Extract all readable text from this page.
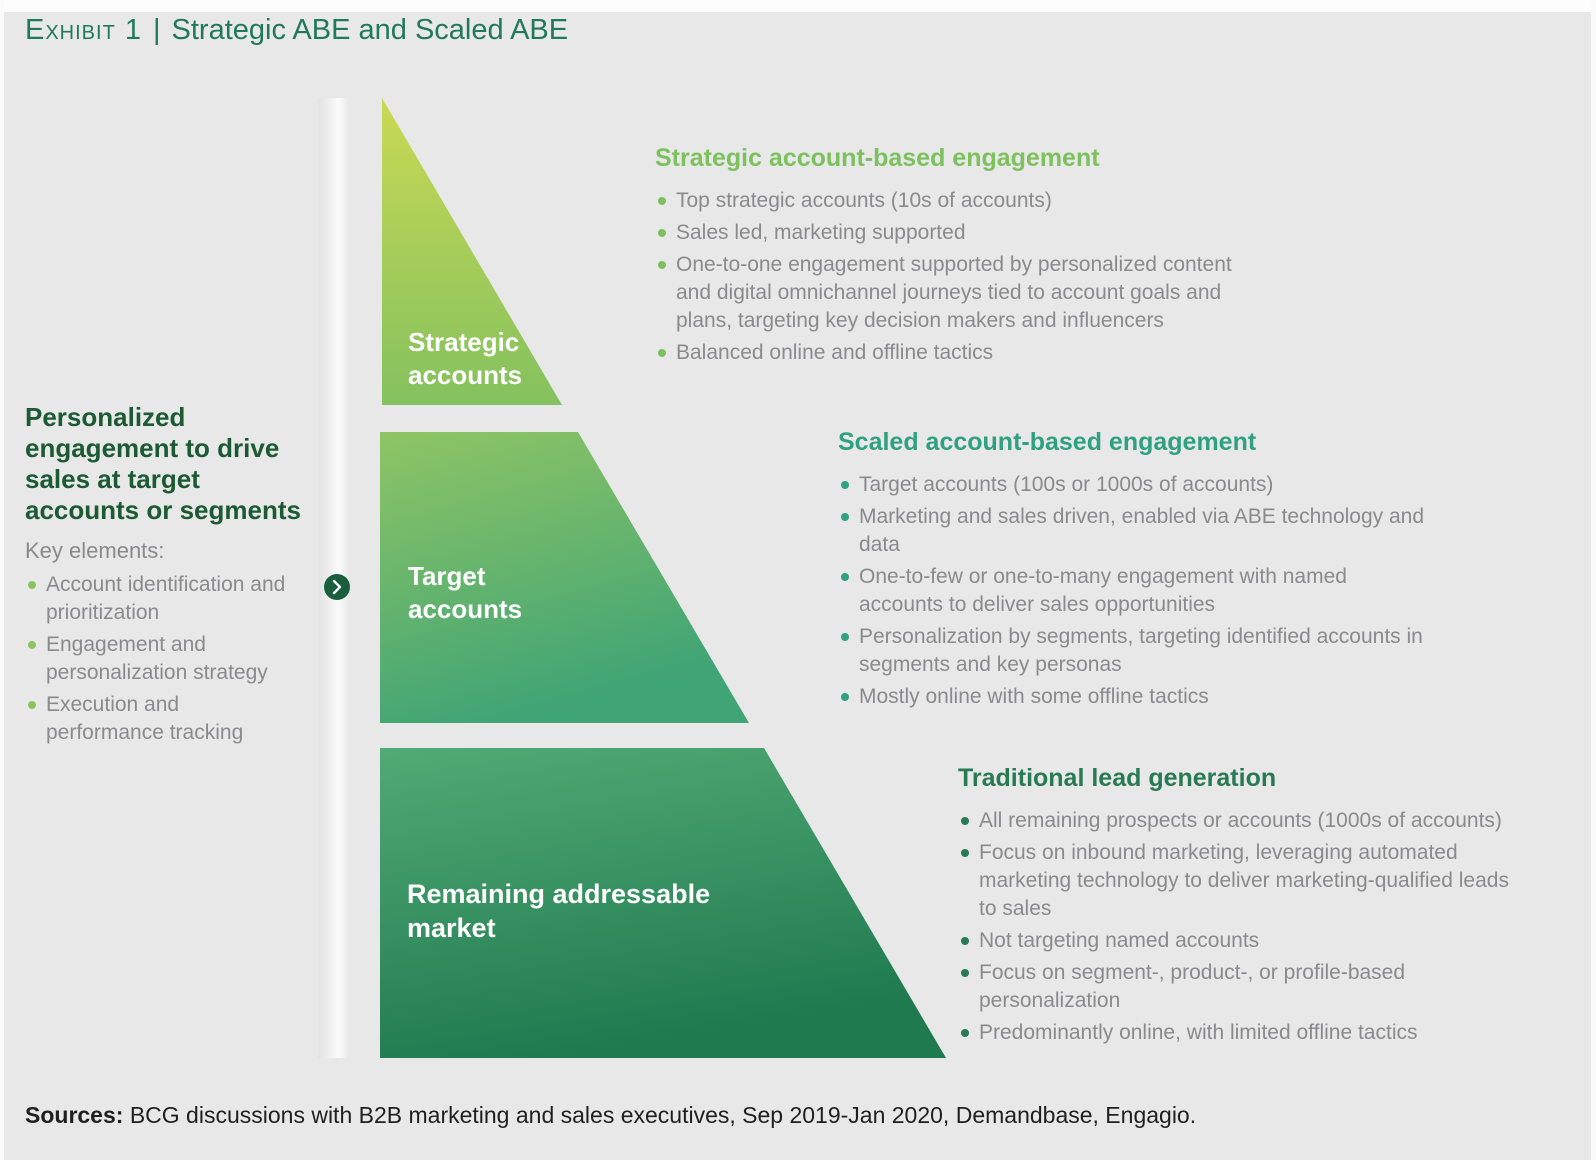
Exhibit 1 | Strategic ABE and Scaled ABE
Personalized engagement to drive sales at target accounts or segments
Key elements:
Account identification and prioritization
Engagement and personalization strategy
Execution and performance tracking
Strategic accounts
Target accounts
Remaining addressable market
Strategic account-based engagement
Top strategic accounts (10s of accounts)
Sales led, marketing supported
One-to-one engagement supported by personalized content and digital omnichannel journeys tied to account goals and plans, targeting key decision makers and influencers
Balanced online and offline tactics
Scaled account-based engagement
Target accounts (100s or 1000s of accounts)
Marketing and sales driven, enabled via ABE technology and data
One-to-few or one-to-many engagement with named accounts to deliver sales opportunities
Personalization by segments, targeting identified accounts in segments and key personas
Mostly online with some offline tactics
Traditional lead generation
All remaining prospects or accounts (1000s of accounts)
Focus on inbound marketing, leveraging automated marketing technology to deliver marketing-qualified leads to sales
Not targeting named accounts
Focus on segment-, product-, or profile-based personalization
Predominantly online, with limited offline tactics
Sources: BCG discussions with B2B marketing and sales executives, Sep 2019-Jan 2020, Demandbase, Engagio.
